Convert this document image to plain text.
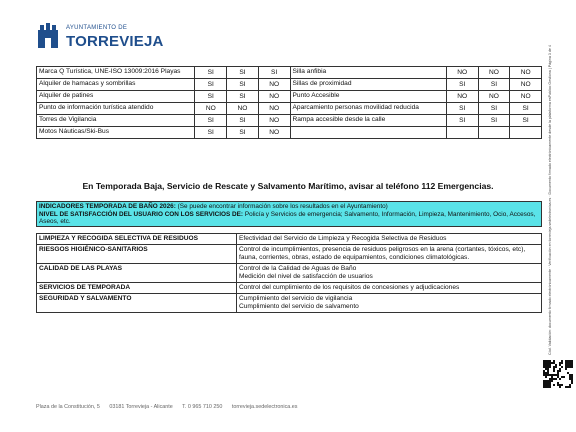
AYUNTAMIENTO DE
TORREVIEJA
Marca Q Turística, UNE-ISO 13009:2016 Playas	SI	SI	SI	Silla anfibia	NO	NO	NO
Alquiler de hamacas y sombrillas	SI	SI	NO	Sillas de proximidad	SI	SI	NO
Alquiler de patines	SI	SI	NO	Punto Accesible	NO	NO	NO
Punto de información turística atendido	NO	NO	NO	Aparcamiento personas movilidad reducida	SI	SI	SI
Torres de Vigilancia	SI	SI	NO	Rampa accesible desde la calle	SI	SI	SI
Motos Náuticas/Ski-Bus	SI	SI	NO				
En Temporada Baja, Servicio de Rescate y Salvamento Marítimo, avisar al teléfono 112 Emergencias.
INDICADORES TEMPORADA DE BAÑO 2026: (Se puede encontrar información sobre los resultados en el Ayuntamiento)
NIVEL DE SATISFACCIÓN DEL USUARIO CON LOS SERVICIOS DE: Policía y Servicios de emergencia; Salvamento, Información, Limpieza, Mantenimiento, Ocio, Accesos, Aseos, etc.
LIMPIEZA Y RECOGIDA SELECTIVA DE RESIDUOS	Efectividad del Servicio de Limpieza y Recogida Selectiva de Residuos

RIESGOS HIGIÉNICO-SANITARIOS	Control de incumplimientos, presencia de residuos peligrosos en la arena (cortantes, tóxicos, etc), fauna, corrientes, obras, estado de equipamientos, condiciones climatológicas.

CALIDAD DE LAS PLAYAS	Control de la Calidad de Aguas de Baño
Medición del nivel de satisfacción de usuarios

SERVICIOS DE TEMPORADA	Control del cumplimiento de los requisitos de concesiones y adjudicaciones

SEGURIDAD Y SALVAMENTO	Cumplimiento del servicio de vigilancia
Cumplimiento del servicio de salvamento	Cód. Validación: documento firmado electrónicamente · Verificación en torrevieja.sedelectronica.es · Documento firmado electrónicamente desde la plataforma esPublico Gestiona | Página 3 de 4
Plaza de la Constitución, 5 03181 Torrevieja - Alicante T. 0 965 710 250 torrevieja.sedelectronica.es
